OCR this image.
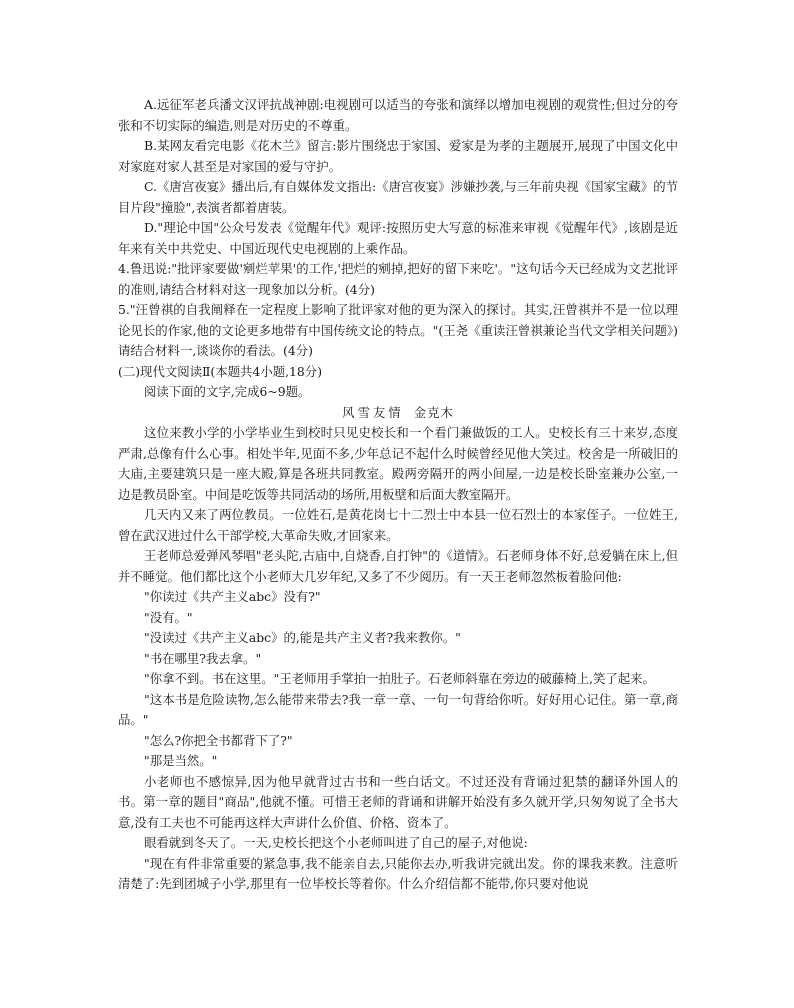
A.远征军老兵潘文汉评抗战神剧:电视剧可以适当的夸张和演绎以增加电视剧的观赏性;但过分的夸张和不切实际的编造,则是对历史的不尊重。

B.某网友看完电影《花木兰》留言:影片围绕忠于家国、爱家是为孝的主题展开,展现了中国文化中对家庭对家人甚至是对家国的爱与守护。

C.《唐宫夜宴》播出后,有自媒体发文指出:《唐宫夜宴》涉嫌抄袭,与三年前央视《国家宝藏》的节目片段"撞脸",表演者都着唐装。

D."理论中国"公众号发表《觉醒年代》观评:按照历史大写意的标准来审视《觉醒年代》,该剧是近年来有关中共党史、中国近现代史电视剧的上乘作品。

4.鲁迅说:"批评家要做'剜烂苹果'的工作,'把烂的剜掉,把好的留下来吃'。"这句话今天已经成为文艺批评的准则,请结合材料对这一现象加以分析。(4分)

5."汪曾祺的自我阐释在一定程度上影响了批评家对他的更为深入的探讨。其实,汪曾祺并不是一位以理论见长的作家,他的文论更多地带有中国传统文论的特点。"(王尧《重读汪曾祺兼论当代文学相关问题》)请结合材料一,谈谈你的看法。(4分)

(二)现代文阅读Ⅱ(本题共4小题,18分)

阅读下面的文字,完成6~9题。

风雪友情 金克木

这位来教小学的小学毕业生到校时只见史校长和一个看门兼做饭的工人。史校长有三十来岁,态度严肃,总像有什么心事。相处半年,见面不多,少年总记不起什么时候曾经见他大笑过。校舍是一所破旧的大庙,主要建筑只是一座大殿,算是各班共同教室。殿两旁隔开的两小间屋,一边是校长卧室兼办公室,一边是教员卧室。中间是吃饭等共同活动的场所,用板壁和后面大教室隔开。

几天内又来了两位教员。一位姓石,是黄花岗七十二烈士中本县一位石烈士的本家侄子。一位姓王,曾在武汉进过什么干部学校,大革命失败,才回家来。

王老师总爱弹风琴唱"老头陀,古庙中,自烧香,自打钟"的《道情》。石老师身体不好,总爱躺在床上,但并不睡觉。他们都比这个小老师大几岁年纪,又多了不少阅历。有一天王老师忽然板着脸问他:

"你读过《共产主义abc》没有?"

"没有。"

"没读过《共产主义abc》的,能是共产主义者?我来教你。"

"书在哪里?我去拿。"

"你拿不到。书在这里。"王老师用手掌拍一拍肚子。石老师斜靠在旁边的破藤椅上,笑了起来。

"这本书是危险读物,怎么能带来带去?我一章一章、一句一句背给你听。好好用心记住。第一章,商品。"

"怎么?你把全书都背下了?"

"那是当然。"

小老师也不感惊异,因为他早就背过古书和一些白话文。不过还没有背诵过犯禁的翻译外国人的书。第一章的题目"商品",他就不懂。可惜王老师的背诵和讲解开始没有多久就开学,只匆匆说了全书大意,没有工夫也不可能再这样大声讲什么价值、价格、资本了。

眼看就到冬天了。一天,史校长把这个小老师叫进了自己的屋子,对他说:

"现在有件非常重要的紧急事,我不能亲自去,只能你去办,听我讲完就出发。你的课我来教。注意听清楚了:先到团城子小学,那里有一位毕校长等着你。什么介绍信都不能带,你只要对他说
